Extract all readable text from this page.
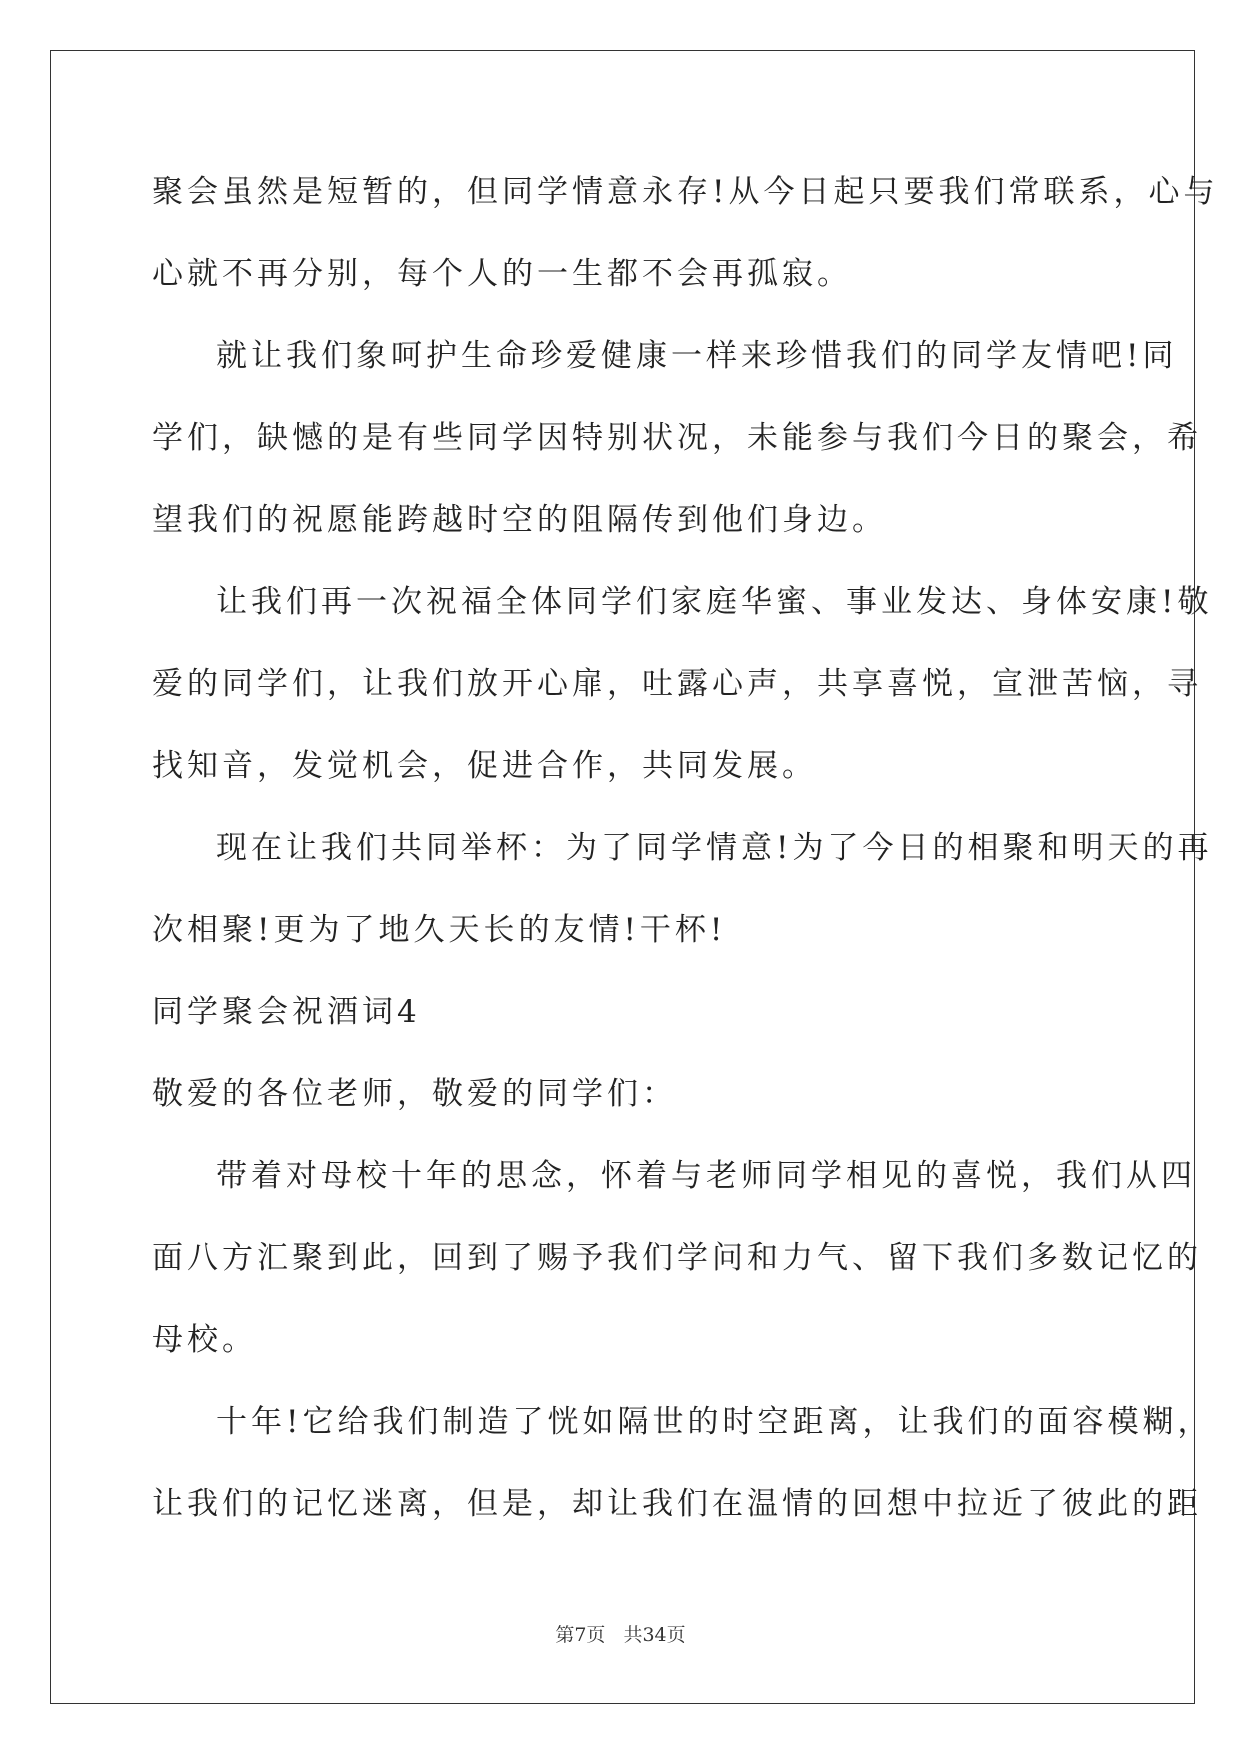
聚会虽然是短暂的，但同学情意永存!从今日起只要我们常联系，心与
心就不再分别，每个人的一生都不会再孤寂。
就让我们象呵护生命珍爱健康一样来珍惜我们的同学友情吧!同
学们，缺憾的是有些同学因特别状况，未能参与我们今日的聚会，希
望我们的祝愿能跨越时空的阻隔传到他们身边。
让我们再一次祝福全体同学们家庭华蜜、事业发达、身体安康!敬
爱的同学们，让我们放开心扉，吐露心声，共享喜悦，宣泄苦恼，寻
找知音，发觉机会，促进合作，共同发展。
现在让我们共同举杯：为了同学情意!为了今日的相聚和明天的再
次相聚!更为了地久天长的友情!干杯!
同学聚会祝酒词4
敬爱的各位老师，敬爱的同学们：
带着对母校十年的思念，怀着与老师同学相见的喜悦，我们从四
面八方汇聚到此，回到了赐予我们学问和力气、留下我们多数记忆的
母校。
十年!它给我们制造了恍如隔世的时空距离，让我们的面容模糊，
让我们的记忆迷离，但是，却让我们在温情的回想中拉近了彼此的距
第7页 共34页
